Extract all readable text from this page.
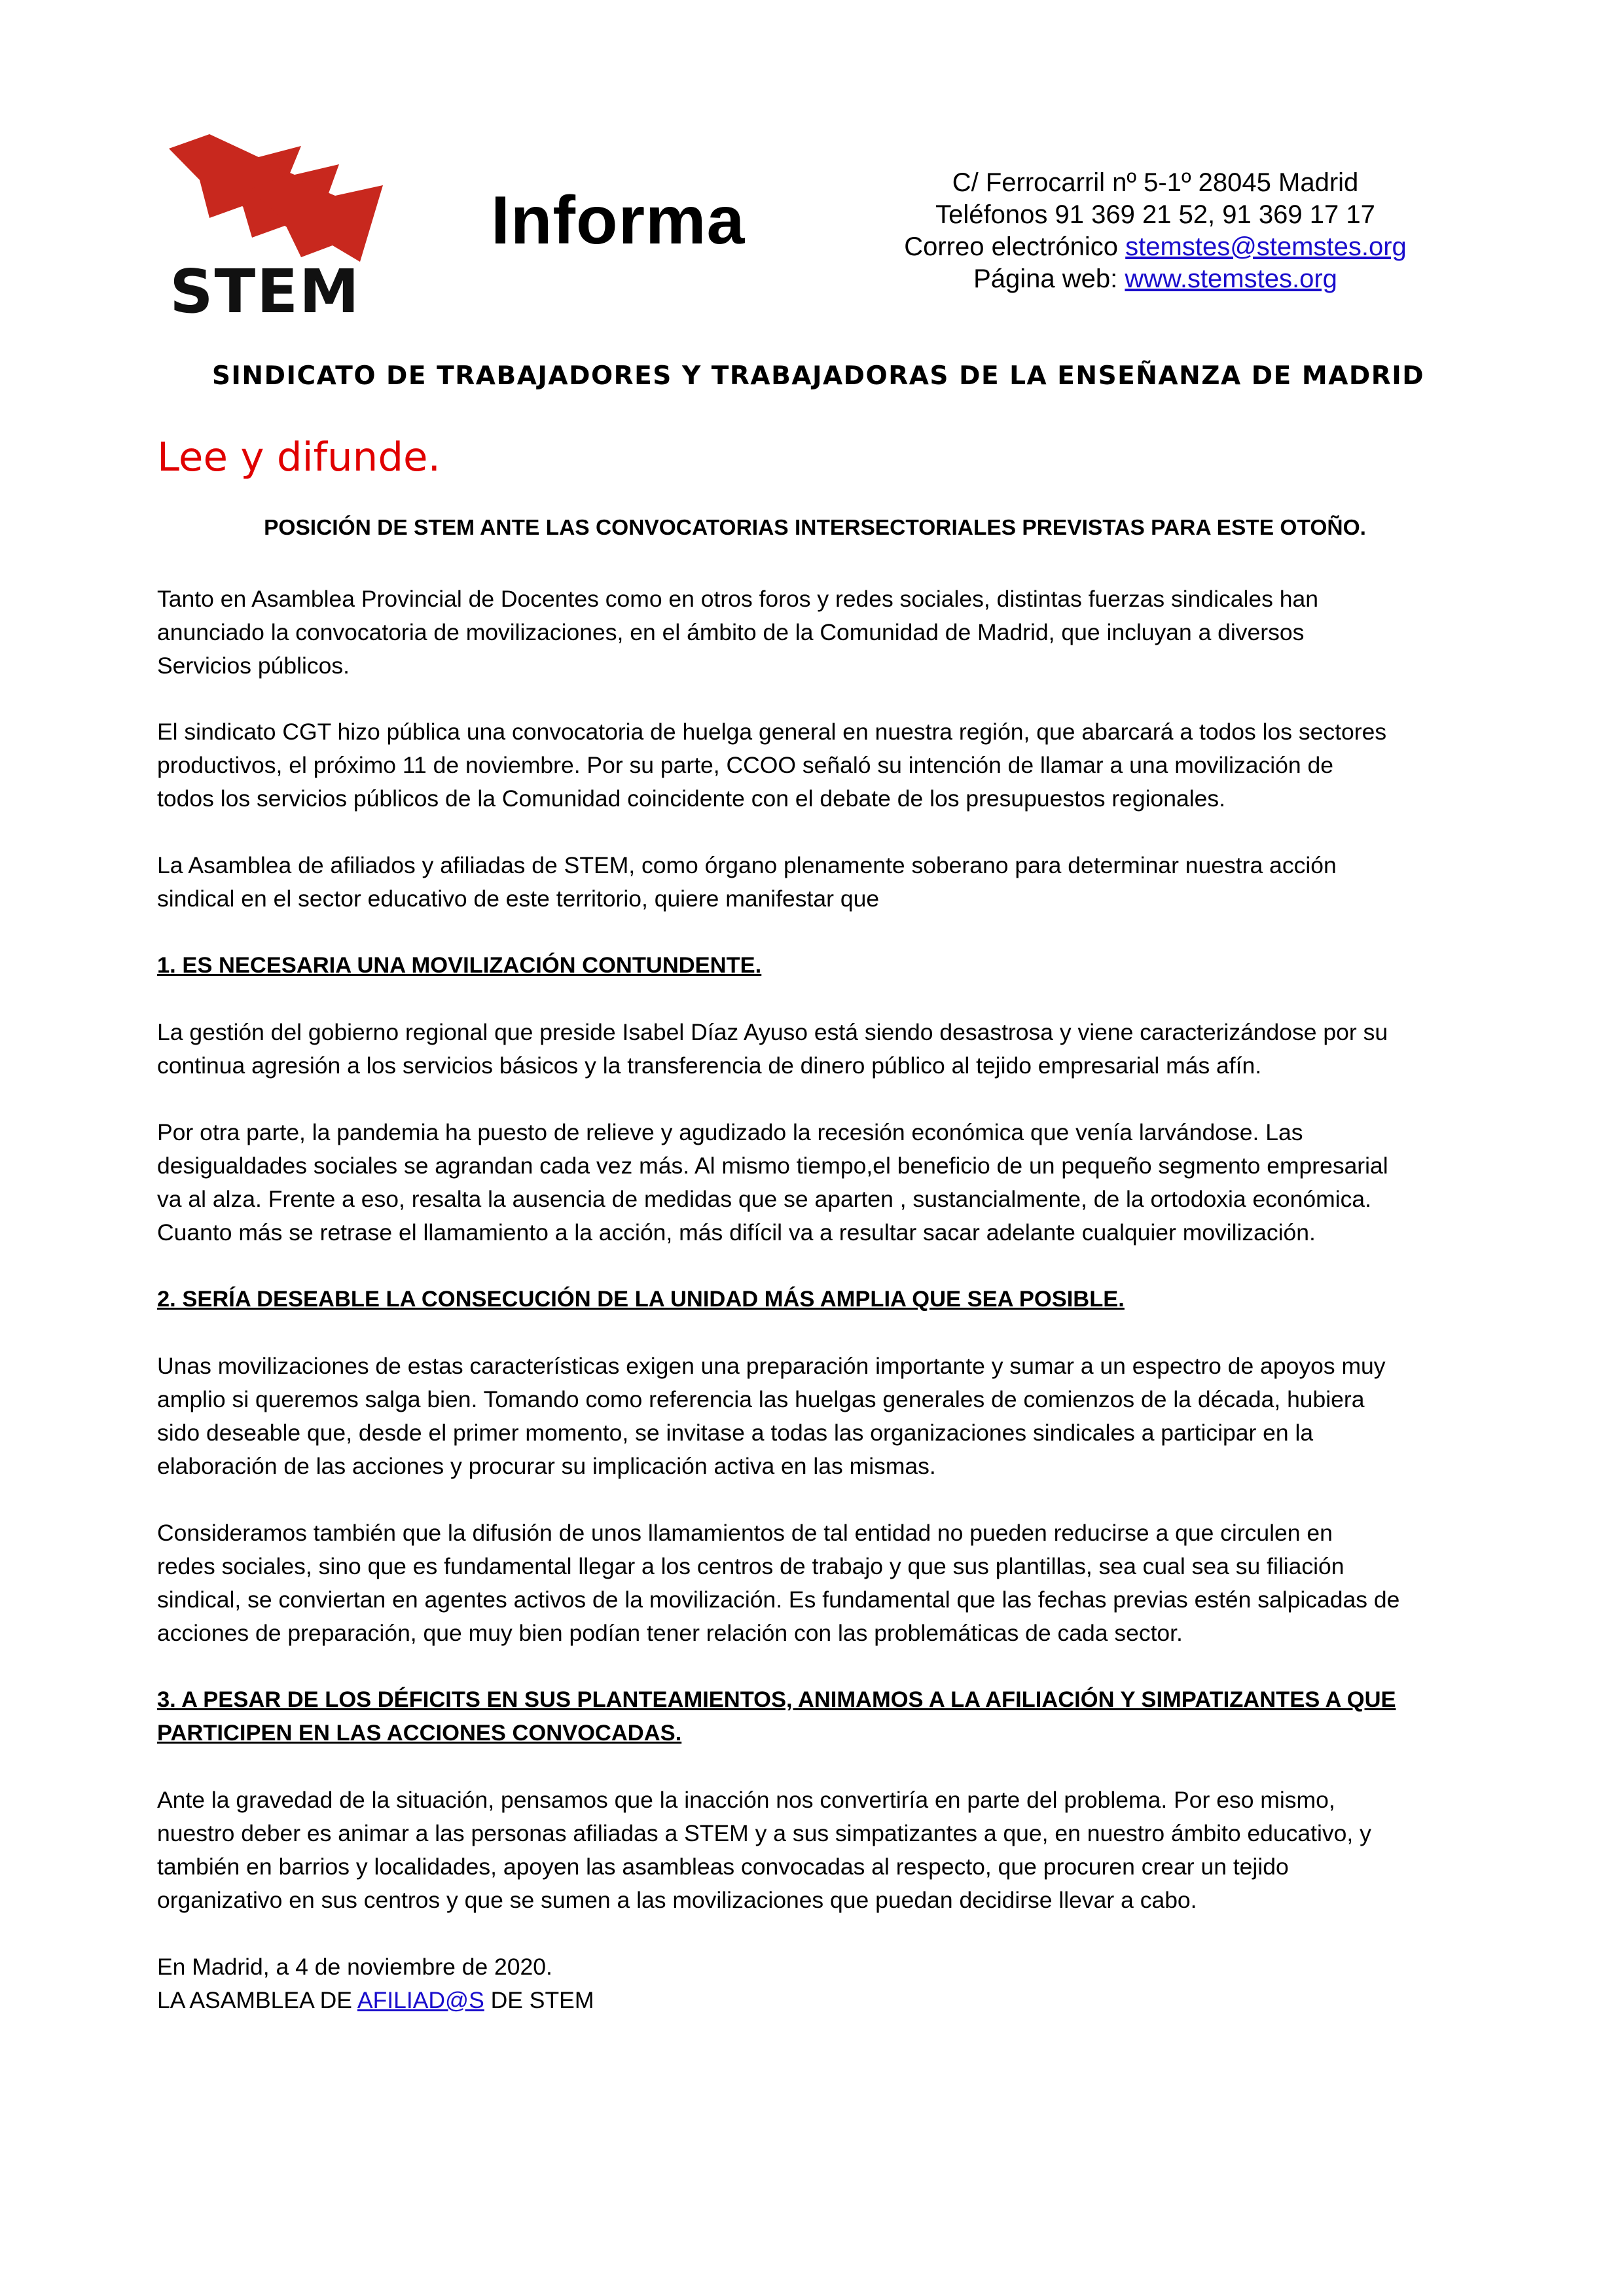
STEM
Informa	C/ Ferrocarril nº 5-1º 28045 Madrid
Teléfonos 91 369 21 52, 91 369 17 17
Correo electrónico stemstes@stemstes.org
Página web: www.stemstes.org
SINDICATO DE TRABAJADORES Y TRABAJADORAS DE LA ENSEÑANZA DE MADRID
Lee y difunde.
POSICIÓN DE STEM ANTE LAS CONVOCATORIAS INTERSECTORIALES PREVISTAS PARA ESTE OTOÑO.
Tanto en Asamblea Provincial de Docentes como en otros foros y redes sociales, distintas fuerzas sindicales han
anunciado la convocatoria de movilizaciones, en el ámbito de la Comunidad de Madrid, que incluyan a diversos
Servicios públicos.
El sindicato CGT hizo pública una convocatoria de huelga general en nuestra región, que abarcará a todos los sectores
productivos, el próximo 11 de noviembre. Por su parte, CCOO señaló su intención de llamar a una movilización de
todos los servicios públicos de la Comunidad coincidente con el debate de los presupuestos regionales.
La Asamblea de afiliados y afiliadas de STEM, como órgano plenamente soberano para determinar nuestra acción
sindical en el sector educativo de este territorio, quiere manifestar que
1. ES NECESARIA UNA MOVILIZACIÓN CONTUNDENTE.
La gestión del gobierno regional que preside Isabel Díaz Ayuso está siendo desastrosa y viene caracterizándose por su
continua agresión a los servicios básicos y la transferencia de dinero público al tejido empresarial más afín.
Por otra parte, la pandemia ha puesto de relieve y agudizado la recesión económica que venía larvándose. Las
desigualdades sociales se agrandan cada vez más. Al mismo tiempo,el beneficio de un pequeño segmento empresarial
va al alza. Frente a eso, resalta la ausencia de medidas que se aparten , sustancialmente, de la ortodoxia económica.
Cuanto más se retrase el llamamiento a la acción, más difícil va a resultar sacar adelante cualquier movilización.
2. SERÍA DESEABLE LA CONSECUCIÓN DE LA UNIDAD MÁS AMPLIA QUE SEA POSIBLE.
Unas movilizaciones de estas características exigen una preparación importante y sumar a un espectro de apoyos muy
amplio si queremos salga bien. Tomando como referencia las huelgas generales de comienzos de la década, hubiera
sido deseable que, desde el primer momento, se invitase a todas las organizaciones sindicales a participar en la
elaboración de las acciones y procurar su implicación activa en las mismas.
Consideramos también que la difusión de unos llamamientos de tal entidad no pueden reducirse a que circulen en
redes sociales, sino que es fundamental llegar a los centros de trabajo y que sus plantillas, sea cual sea su filiación
sindical, se conviertan en agentes activos de la movilización. Es fundamental que las fechas previas estén salpicadas de
acciones de preparación, que muy bien podían tener relación con las problemáticas de cada sector.
3. A PESAR DE LOS DÉFICITS EN SUS PLANTEAMIENTOS, ANIMAMOS A LA AFILIACIÓN Y SIMPATIZANTES A QUE
PARTICIPEN EN LAS ACCIONES CONVOCADAS.
Ante la gravedad de la situación, pensamos que la inacción nos convertiría en parte del problema. Por eso mismo,
nuestro deber es animar a las personas afiliadas a STEM y a sus simpatizantes a que, en nuestro ámbito educativo, y
también en barrios y localidades, apoyen las asambleas convocadas al respecto, que procuren crear un tejido
organizativo en sus centros y que se sumen a las movilizaciones que puedan decidirse llevar a cabo.
En Madrid, a 4 de noviembre de 2020.
LA ASAMBLEA DE AFILIAD@S DE STEM
